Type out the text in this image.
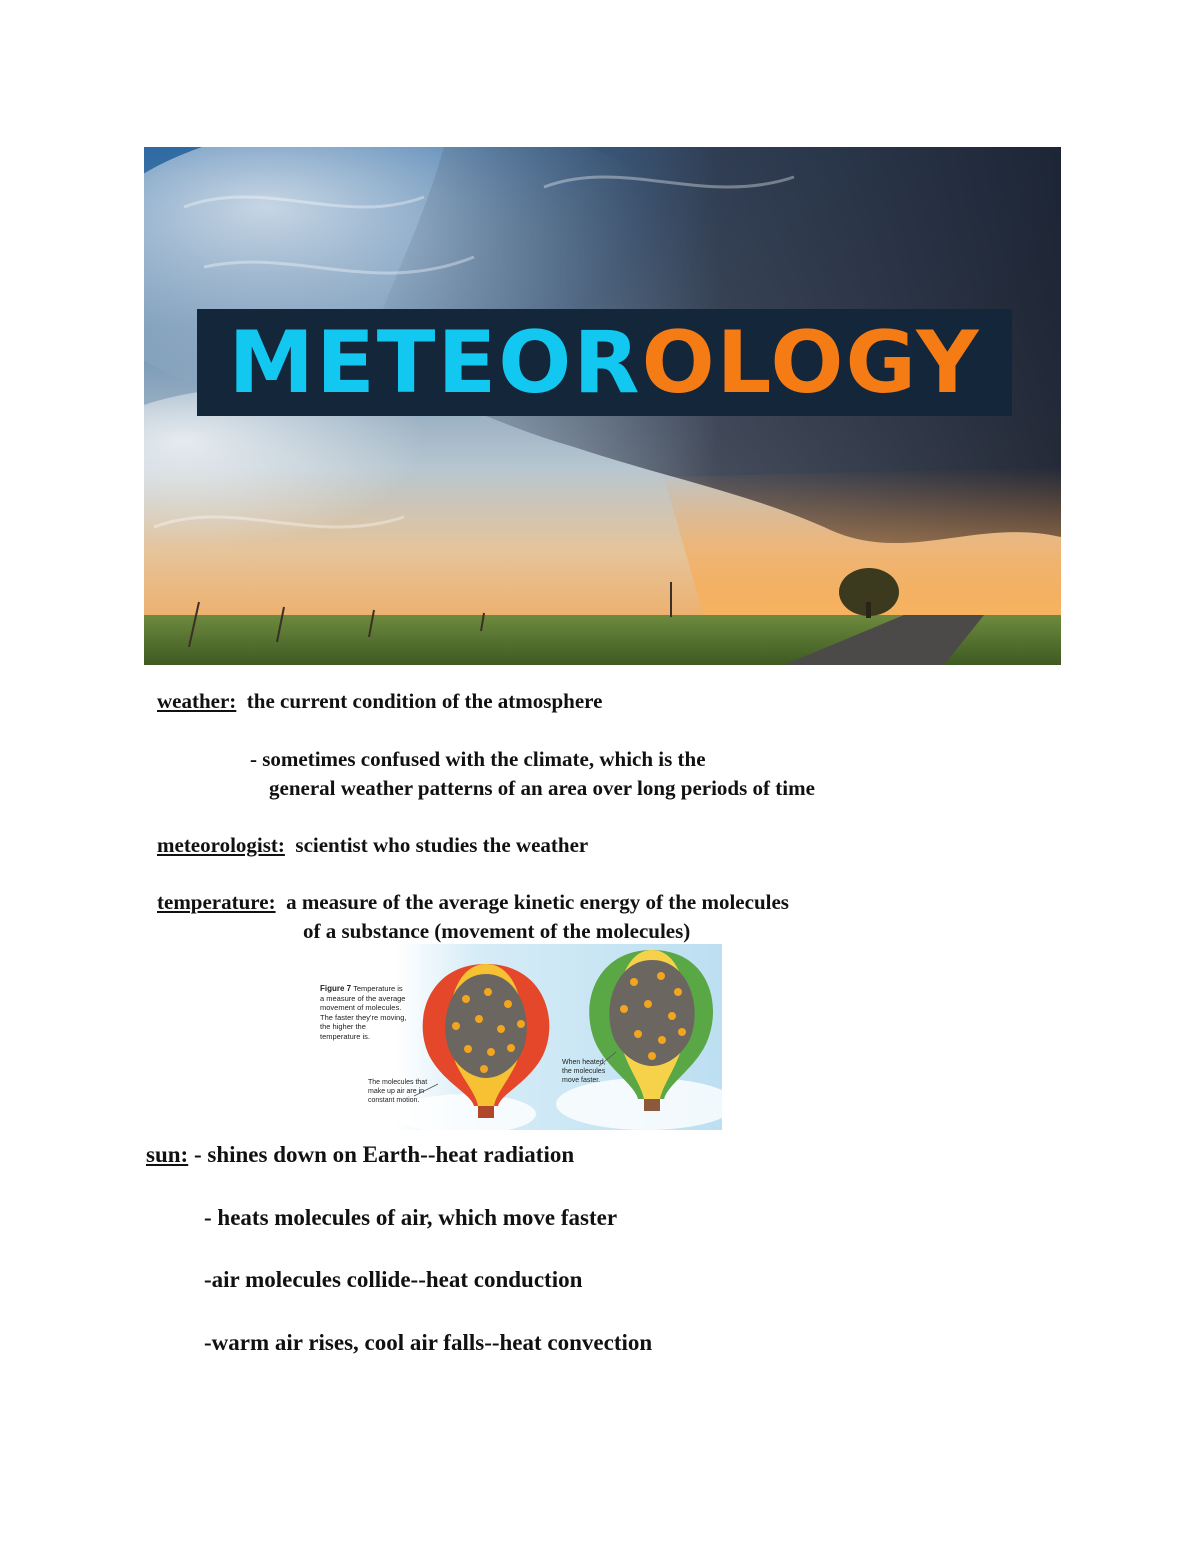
METEOROLOGY
weather: the current condition of the atmosphere
- sometimes confused with the climate, which is the
general weather patterns of an area over long periods of time
meteorologist: scientist who studies the weather
temperature: a measure of the average kinetic energy of the molecules
of a substance (movement of the molecules)
Figure 7 Temperature is a measure of the average movement of molecules. The faster they're moving, the higher the temperature is.
The molecules that make up air are in constant motion.
When heated, the molecules move faster.
sun: - shines down on Earth--heat radiation
- heats molecules of air, which move faster
-air molecules collide--heat conduction
-warm air rises, cool air falls--heat convection
